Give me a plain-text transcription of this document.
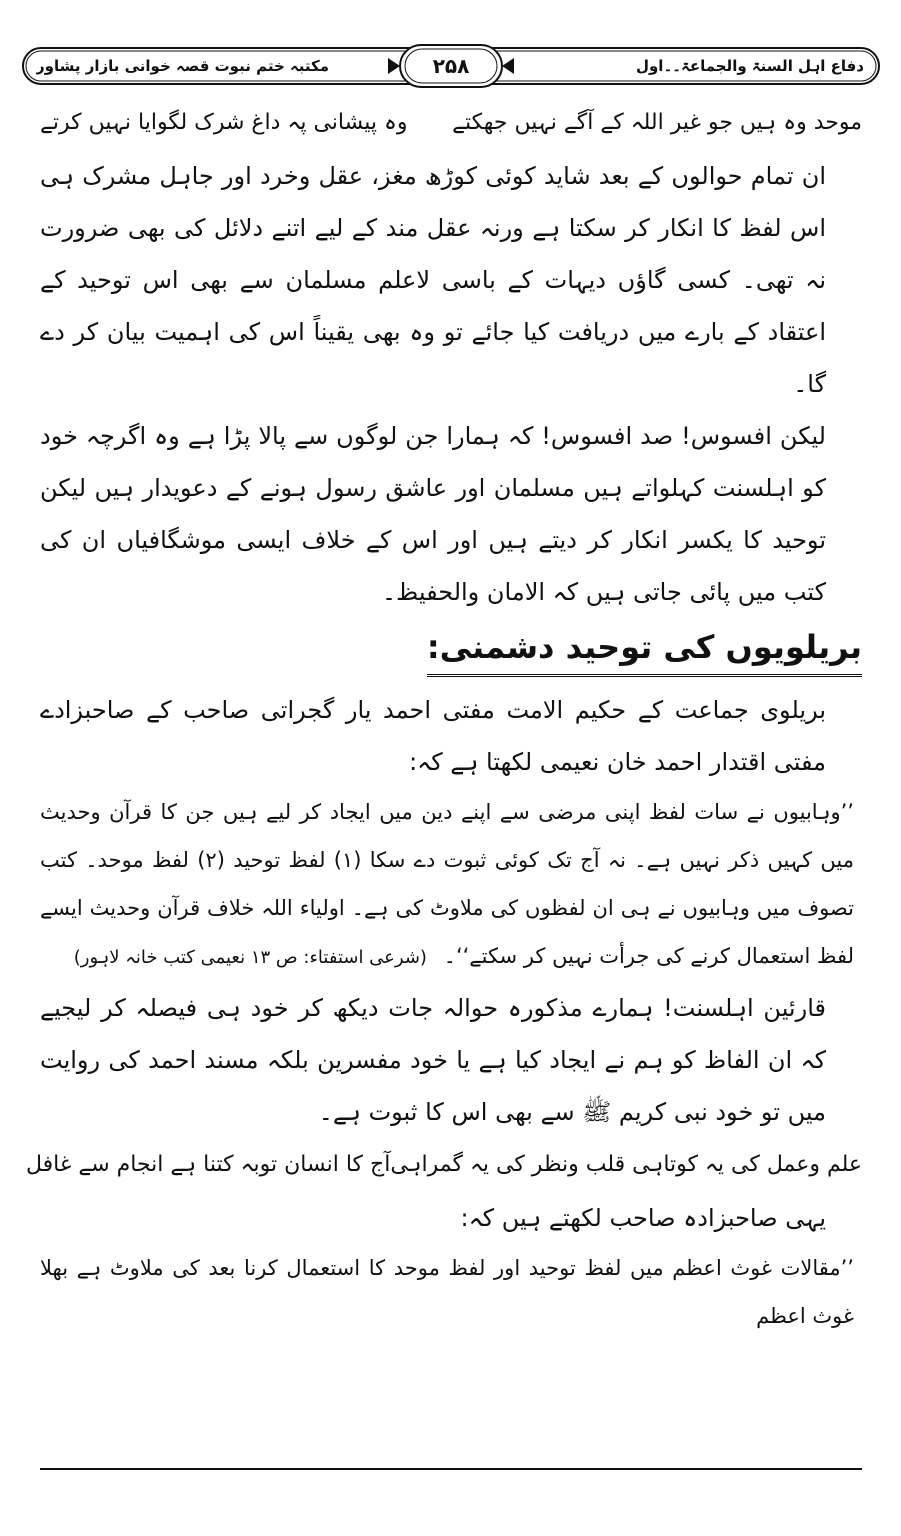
دفاع اہل السنۃ والجماعۃ۔۔اول
۲۵۸
مکتبہ ختم نبوت قصہ خوانی بازار پشاور
موحد وہ ہیں جو غیر اللہ کے آگے نہیں جھکتے
وہ پیشانی پہ داغ شرک لگوایا نہیں کرتے

ان تمام حوالوں کے بعد شاید کوئی کوڑھ مغز، عقل وخرد اور جاہل مشرک ہی اس لفظ کا انکار کر سکتا ہے ورنہ عقل مند کے لیے اتنے دلائل کی بھی ضرورت نہ تھی۔ کسی گاؤں دیہات کے باسی لاعلم مسلمان سے بھی اس توحید کے اعتقاد کے بارے میں دریافت کیا جائے تو وہ بھی یقیناً اس کی اہمیت بیان کر دے گا۔

لیکن افسوس! صد افسوس! کہ ہمارا جن لوگوں سے پالا پڑا ہے وہ اگرچہ خود کو اہلسنت کہلواتے ہیں مسلمان اور عاشق رسول ہونے کے دعویدار ہیں لیکن توحید کا یکسر انکار کر دیتے ہیں اور اس کے خلاف ایسی موشگافیاں ان کی کتب میں پائی جاتی ہیں کہ الامان والحفیظ۔

بریلویوں کی توحید دشمنی:

بریلوی جماعت کے حکیم الامت مفتی احمد یار گجراتی صاحب کے صاحبزادے مفتی اقتدار احمد خان نعیمی لکھتا ہے کہ:

’’وہابیوں نے سات لفظ اپنی مرضی سے اپنے دین میں ایجاد کر لیے ہیں جن کا قرآن وحدیث میں کہیں ذکر نہیں ہے۔ نہ آج تک کوئی ثبوت دے سکا (۱) لفظ توحید (۲) لفظ موحد۔ کتب تصوف میں وہابیوں نے ہی ان لفظوں کی ملاوٹ کی ہے۔ اولیاء اللہ خلاف قرآن وحدیث ایسے لفظ استعمال کرنے کی جرأت نہیں کر سکتے‘‘۔ (شرعی استفتاء: ص ۱۳ نعیمی کتب خانہ لاہور)

قارئین اہلسنت! ہمارے مذکورہ حوالہ جات دیکھ کر خود ہی فیصلہ کر لیجیے کہ ان الفاظ کو ہم نے ایجاد کیا ہے یا خود مفسرین بلکہ مسند احمد کی روایت میں تو خود نبی کریم ﷺ سے بھی اس کا ثبوت ہے۔

علم وعمل کی یہ کوتاہی قلب ونظر کی یہ گمراہی
آج کا انسان توبہ کتنا ہے انجام سے غافل

یہی صاحبزادہ صاحب لکھتے ہیں کہ:

’’مقالات غوث اعظم میں لفظ توحید اور لفظ موحد کا استعمال کرنا بعد کی ملاوٹ ہے بھلا غوث اعظم
